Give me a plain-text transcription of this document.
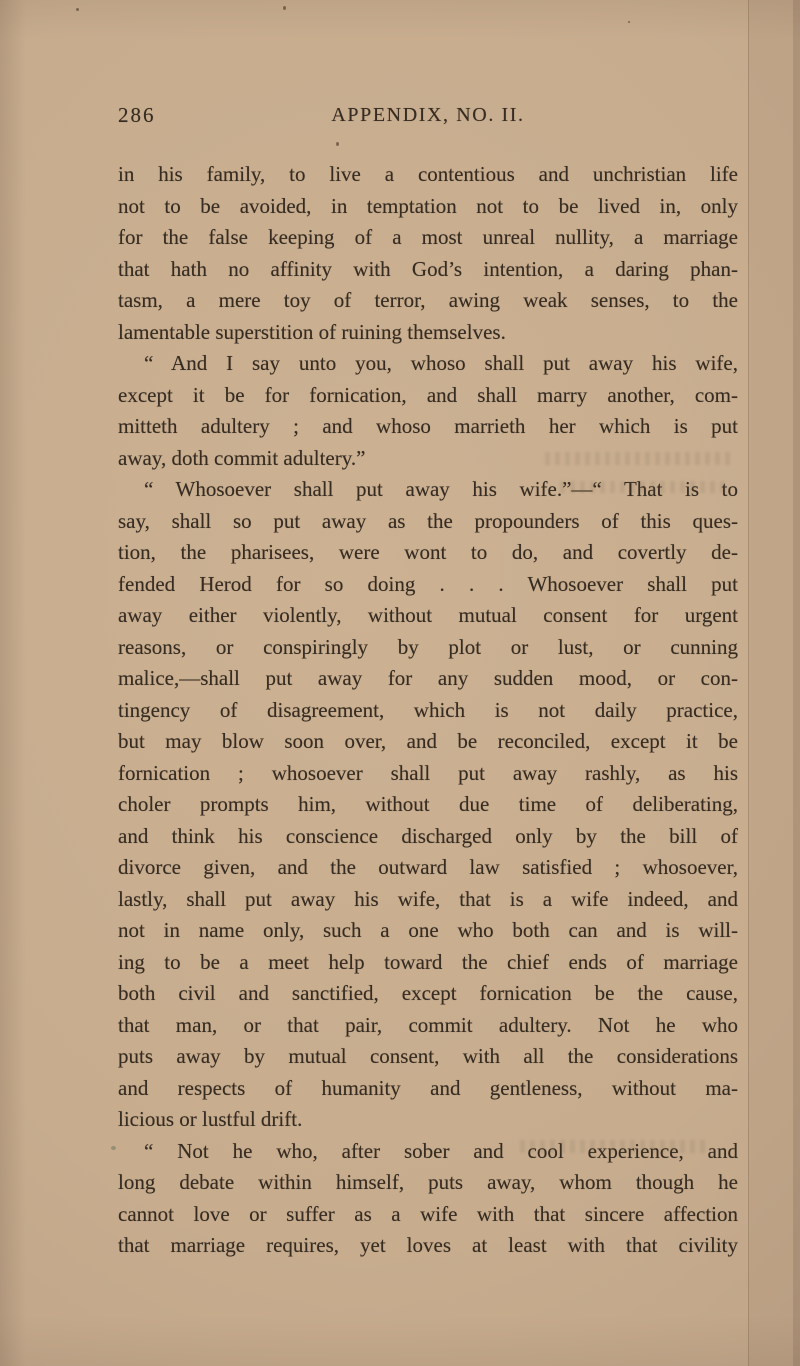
286	APPENDIX, NO. II.
in his family, to live a contentious and unchristian life
not to be avoided, in temptation not to be lived in, only
for the false keeping of a most unreal nullity, a marriage
that hath no affinity with God’s intention, a daring phan-
tasm, a mere toy of terror, awing weak senses, to the
lamentable superstition of ruining themselves.
“ And I say unto you, whoso shall put away his wife,
except it be for fornication, and shall marry another, com-
mitteth adultery ; and whoso marrieth her which is put
away, doth commit adultery.”
“ Whosoever shall put away his wife.”—“ That is to
say, shall so put away as the propounders of this ques-
tion, the pharisees, were wont to do, and covertly de-
fended Herod for so doing . . . Whosoever shall put
away either violently, without mutual consent for urgent
reasons, or conspiringly by plot or lust, or cunning
malice,—shall put away for any sudden mood, or con-
tingency of disagreement, which is not daily practice,
but may blow soon over, and be reconciled, except it be
fornication ; whosoever shall put away rashly, as his
choler prompts him, without due time of deliberating,
and think his conscience discharged only by the bill of
divorce given, and the outward law satisfied ; whosoever,
lastly, shall put away his wife, that is a wife indeed, and
not in name only, such a one who both can and is will-
ing to be a meet help toward the chief ends of marriage
both civil and sanctified, except fornication be the cause,
that man, or that pair, commit adultery. Not he who
puts away by mutual consent, with all the considerations
and respects of humanity and gentleness, without ma-
licious or lustful drift.
“ Not he who, after sober and cool experience, and
long debate within himself, puts away, whom though he
cannot love or suffer as a wife with that sincere affection
that marriage requires, yet loves at least with that civility
